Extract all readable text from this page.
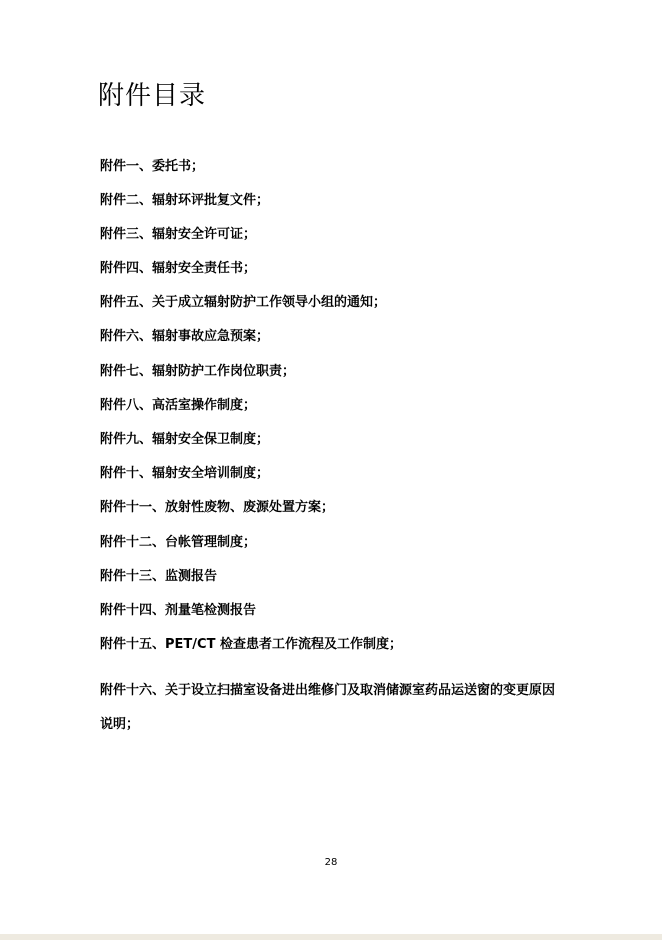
附件目录
附件一、委托书；
附件二、辐射环评批复文件；
附件三、辐射安全许可证；
附件四、辐射安全责任书；
附件五、关于成立辐射防护工作领导小组的通知；
附件六、辐射事故应急预案；
附件七、辐射防护工作岗位职责；
附件八、高活室操作制度；
附件九、辐射安全保卫制度；
附件十、辐射安全培训制度；
附件十一、放射性废物、废源处置方案；
附件十二、台帐管理制度；
附件十三、监测报告
附件十四、剂量笔检测报告
附件十五、PET/CT 检查患者工作流程及工作制度；
附件十六、关于设立扫描室设备进出维修门及取消储源室药品运送窗的变更原因
说明；
28
